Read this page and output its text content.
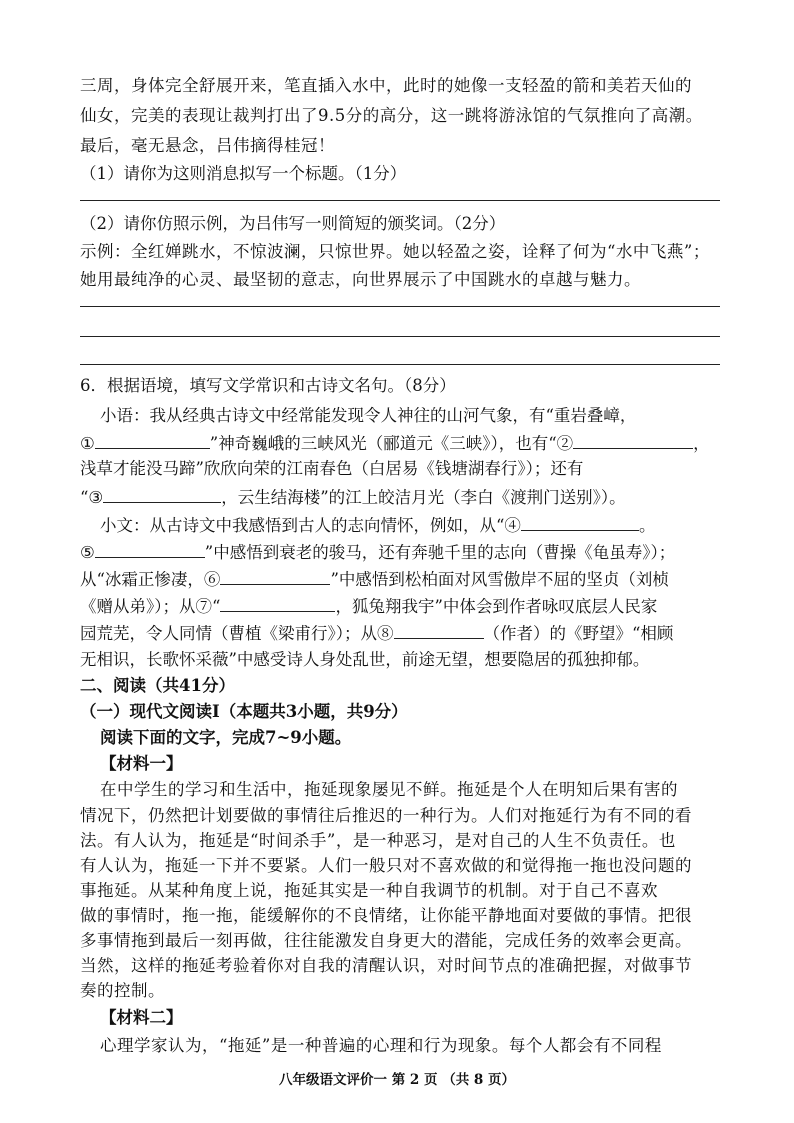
三周，身体完全舒展开来，笔直插入水中，此时的她像一支轻盈的箭和美若天仙的
仙女，完美的表现让裁判打出了9.5分的高分，这一跳将游泳馆的气氛推向了高潮。
最后，毫无悬念，吕伟摘得桂冠！
（1）请你为这则消息拟写一个标题。（1分）
（2）请你仿照示例，为吕伟写一则简短的颁奖词。（2分）
示例：全红婵跳水，不惊波澜，只惊世界。她以轻盈之姿，诠释了何为“水中飞燕”；
她用最纯净的心灵、最坚韧的意志，向世界展示了中国跳水的卓越与魅力。
6．根据语境，填写文学常识和古诗文名句。（8分）
小语：我从经典古诗文中经常能发现令人神往的山河气象，有“重岩叠嶂，
①	”神奇巍峨的三峡风光（郦道元《三峡》），也有“②	，
浅草才能没马蹄”欣欣向荣的江南春色（白居易《钱塘湖春行》）；还有
“③	，云生结海楼”的江上皎洁月光（李白《渡荆门送别》）。
小文：从古诗文中我感悟到古人的志向情怀，例如，从“④	。
⑤	”中感悟到衰老的骏马，还有奔驰千里的志向（曹操《龟虽寿》）；
从“冰霜正惨凄，⑥	”中感悟到松柏面对风雪傲岸不屈的坚贞（刘桢
《赠从弟》）；从⑦“	，狐兔翔我宇”中体会到作者咏叹底层人民家
园荒芜，令人同情（曹植《梁甫行》）；从⑧	（作者）的《野望》“相顾
无相识，长歌怀采薇”中感受诗人身处乱世，前途无望，想要隐居的孤独抑郁。
二、阅读（共41分）
（一）现代文阅读Ⅰ（本题共3小题，共9分）
阅读下面的文字，完成7~9小题。
【材料一】
在中学生的学习和生活中，拖延现象屡见不鲜。拖延是个人在明知后果有害的
情况下，仍然把计划要做的事情往后推迟的一种行为。人们对拖延行为有不同的看
法。有人认为，拖延是“时间杀手”，是一种恶习，是对自己的人生不负责任。也
有人认为，拖延一下并不要紧。人们一般只对不喜欢做的和觉得拖一拖也没问题的
事拖延。从某种角度上说，拖延其实是一种自我调节的机制。对于自己不喜欢
做的事情时，拖一拖，能缓解你的不良情绪，让你能平静地面对要做的事情。把很
多事情拖到最后一刻再做，往往能激发自身更大的潜能，完成任务的效率会更高。
当然，这样的拖延考验着你对自我的清醒认识，对时间节点的准确把握，对做事节
奏的控制。
八年级语文评价一 第 2 页 （共 8 页）
【材料二】
心理学家认为，“拖延”是一种普遍的心理和行为现象。每个人都会有不同程
